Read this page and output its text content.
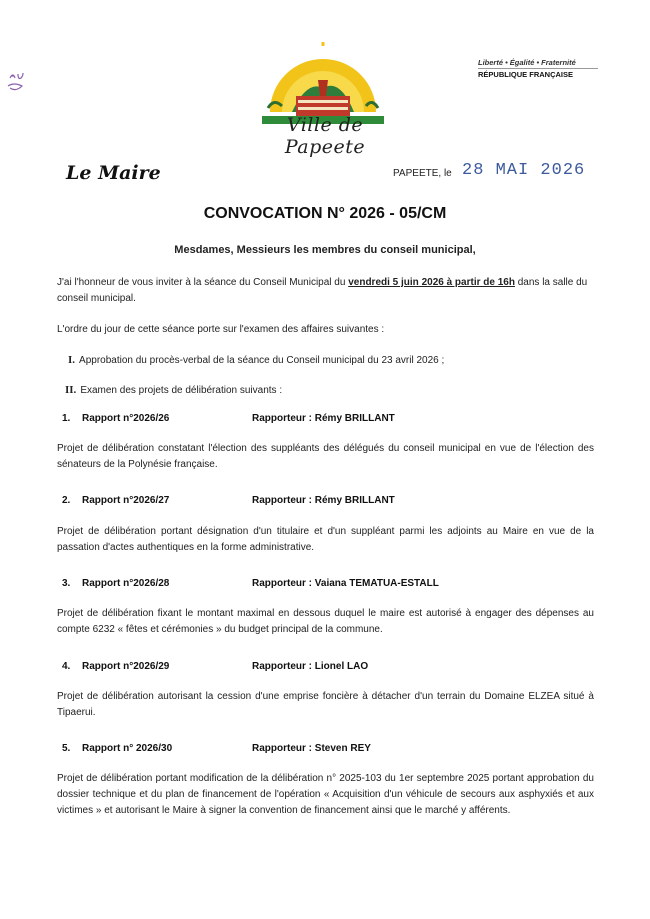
Ville de Papeete
Liberté • Égalité • Fraternité
RÉPUBLIQUE FRANÇAISE
Le Maire	PAPEETE, le 28 MAI 2026
CONVOCATION N° 2026 - 05/CM
Mesdames, Messieurs les membres du conseil municipal,
J'ai l'honneur de vous inviter à la séance du Conseil Municipal du vendredi 5 juin 2026 à partir de 16h dans la salle du conseil municipal.
L'ordre du jour de cette séance porte sur l'examen des affaires suivantes :
I. Approbation du procès-verbal de la séance du Conseil municipal du 23 avril 2026 ;
II. Examen des projets de délibération suivants :
1. Rapport n°2026/26	Rapporteur : Rémy BRILLANT
Projet de délibération constatant l'élection des suppléants des délégués du conseil municipal en vue de l'élection des sénateurs de la Polynésie française.
2. Rapport n°2026/27	Rapporteur : Rémy BRILLANT
Projet de délibération portant désignation d'un titulaire et d'un suppléant parmi les adjoints au Maire en vue de la passation d'actes authentiques en la forme administrative.
3. Rapport n°2026/28	Rapporteur : Vaiana TEMATUA-ESTALL
Projet de délibération fixant le montant maximal en dessous duquel le maire est autorisé à engager des dépenses au compte 6232 « fêtes et cérémonies » du budget principal de la commune.
4. Rapport n°2026/29	Rapporteur : Lionel LAO
Projet de délibération autorisant la cession d'une emprise foncière à détacher d'un terrain du Domaine ELZEA situé à Tipaerui.
5. Rapport n° 2026/30	Rapporteur : Steven REY
Projet de délibération portant modification de la délibération n° 2025-103 du 1er septembre 2025 portant approbation du dossier technique et du plan de financement de l'opération « Acquisition d'un véhicule de secours aux asphyxiés et aux victimes » et autorisant le Maire à signer la convention de financement ainsi que le marché y afférents.
